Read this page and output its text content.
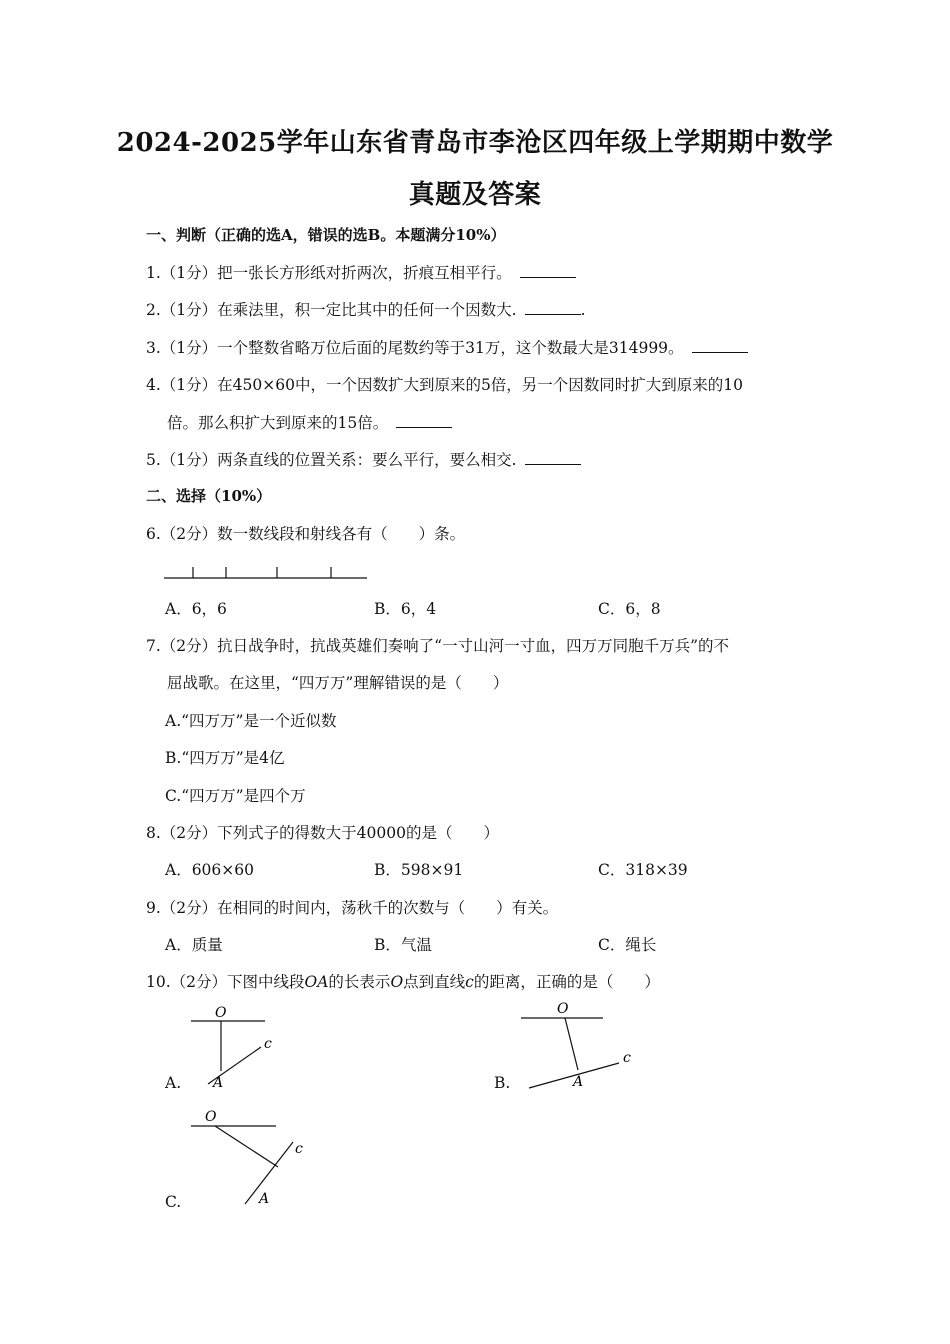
2024-2025学年山东省青岛市李沧区四年级上学期期中数学
真题及答案
一、判断（正确的选A，错误的选B。本题满分10%）
1.（1分）把一张长方形纸对折两次，折痕互相平行。
2.（1分）在乘法里，积一定比其中的任何一个因数大.	.
3.（1分）一个整数省略万位后面的尾数约等于31万，这个数最大是314999。
4.（1分）在450×60中，一个因数扩大到原来的5倍，另一个因数同时扩大到原来的10
倍。那么积扩大到原来的15倍。
5.（1分）两条直线的位置关系：要么平行，要么相交.
二、选择（10%）
6.（2分）数一数线段和射线各有（　　）条。
A．6，6	B．6，4	C．6，8
7.（2分）抗日战争时，抗战英雄们奏响了“一寸山河一寸血，四万万同胞千万兵”的不
屈战歌。在这里，“四万万”理解错误的是（　　）
A.“四万万”是一个近似数
B.“四万万”是4亿
C.“四万万”是四个万
8.（2分）下列式子的得数大于40000的是（　　）
A．606×60	B．598×91	C．318×39
9.（2分）在相同的时间内，荡秋千的次数与（　　）有关。
A．质量	B．气温	C．绳长
10.（2分）下图中线段OA的长表示O点到直线c的距离，正确的是（　　）
A.
O
A
c
B.
O
A
c
C.
O
A
c
